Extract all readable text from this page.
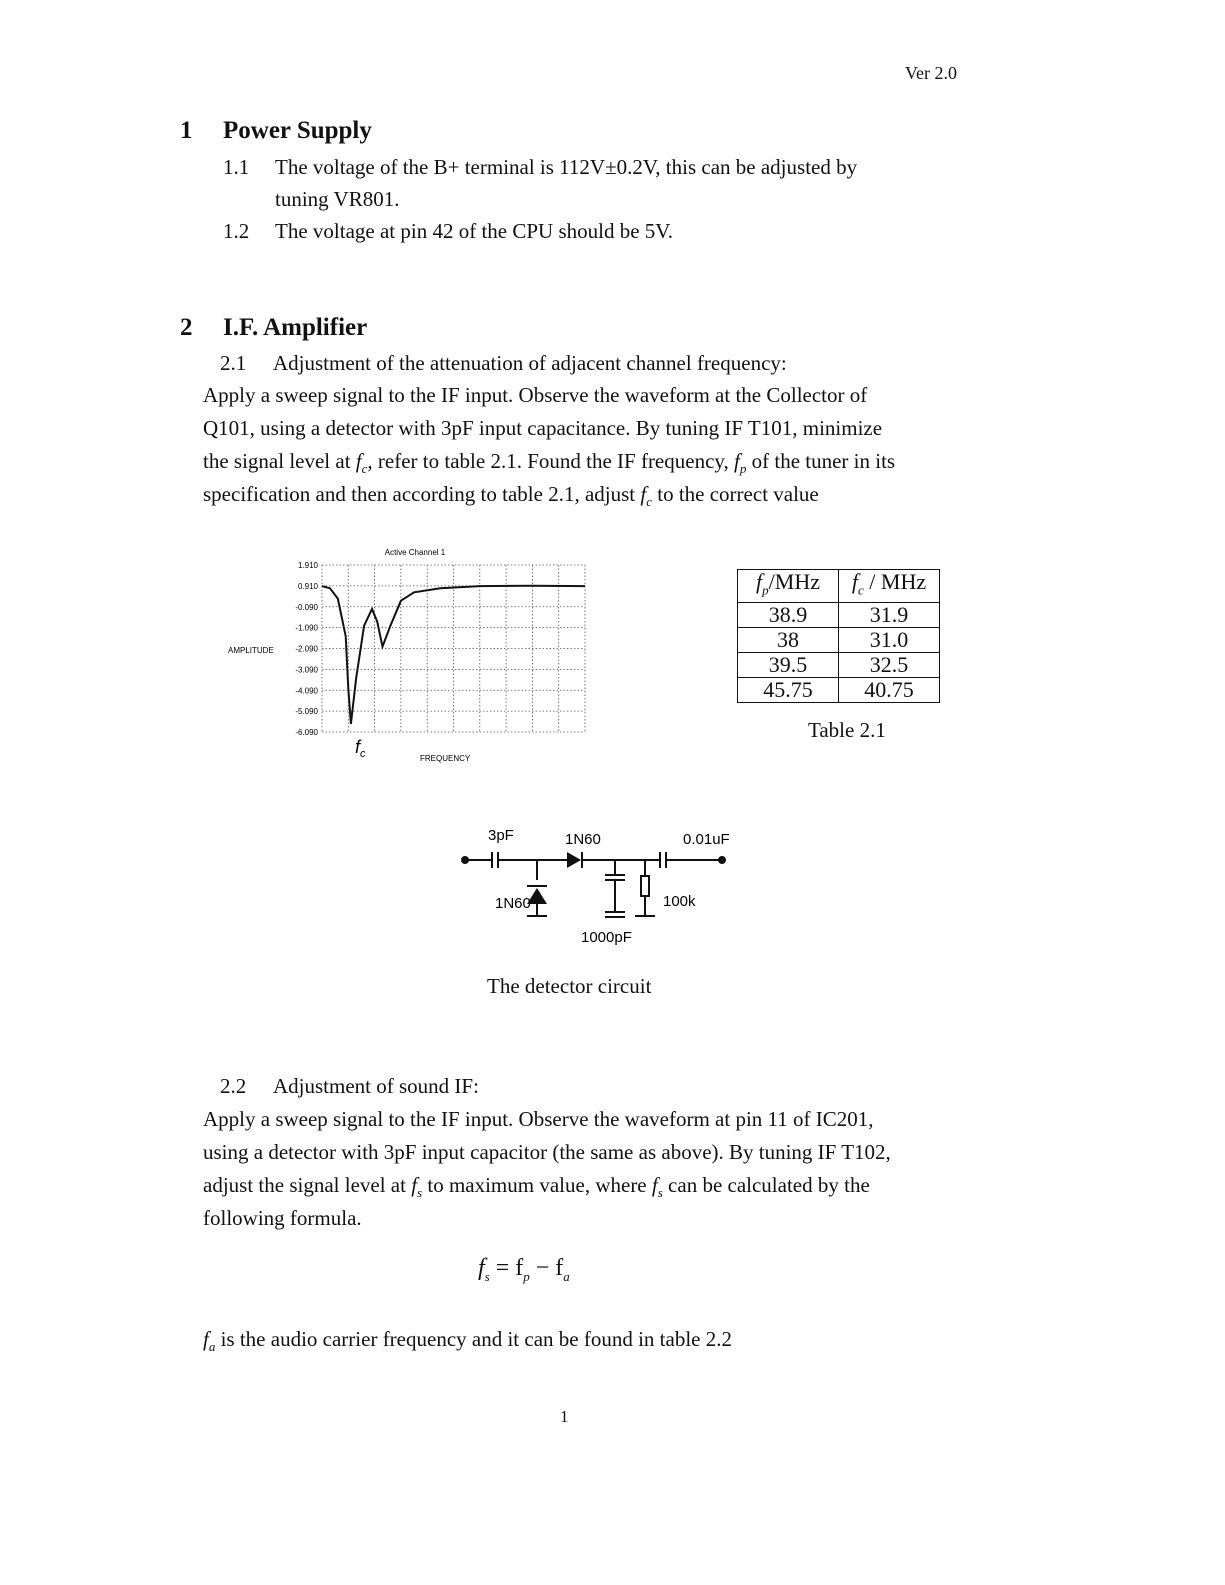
Ver 2.0
1 Power Supply
1.1 The voltage of the B+ terminal is 112V±0.2V, this can be adjusted by
tuning VR801.
1.2 The voltage at pin 42 of the CPU should be 5V.
2 I.F. Amplifier
2.1 Adjustment of the attenuation of adjacent channel frequency:
Apply a sweep signal to the IF input. Observe the waveform at the Collector of
Q101, using a detector with 3pF input capacitance. By tuning IF T101, minimize
the signal level at $f_c$, refer to table 2.1. Found the IF frequency, $f_p$ of the tuner in its
specification and then according to table 2.1, adjust $f_c$ to the correct value
Active Channel 1
1.910
0.910
-0.090
-1.090
-2.090
-3.090
-4.090
-5.090
-6.090
AMPLITUDE
FREQUENCY
$f_c$
$f_p$/MHz	$f_c$ / MHz
38.9	31.9
38	31.0
39.5	32.5
45.75	40.75
Table 2.1
3pF	1N60	0.01uF
1N60	100k
1000pF
The detector circuit
2.2 Adjustment of sound IF:
Apply a sweep signal to the IF input. Observe the waveform at pin 11 of IC201,
using a detector with 3pF input capacitor (the same as above). By tuning IF T102,
adjust the signal level at $f_s$ to maximum value, where $f_s$ can be calculated by the
following formula.
$f_s = f_p - f_a$
$f_a$ is the audio carrier frequency and it can be found in table 2.2
1
